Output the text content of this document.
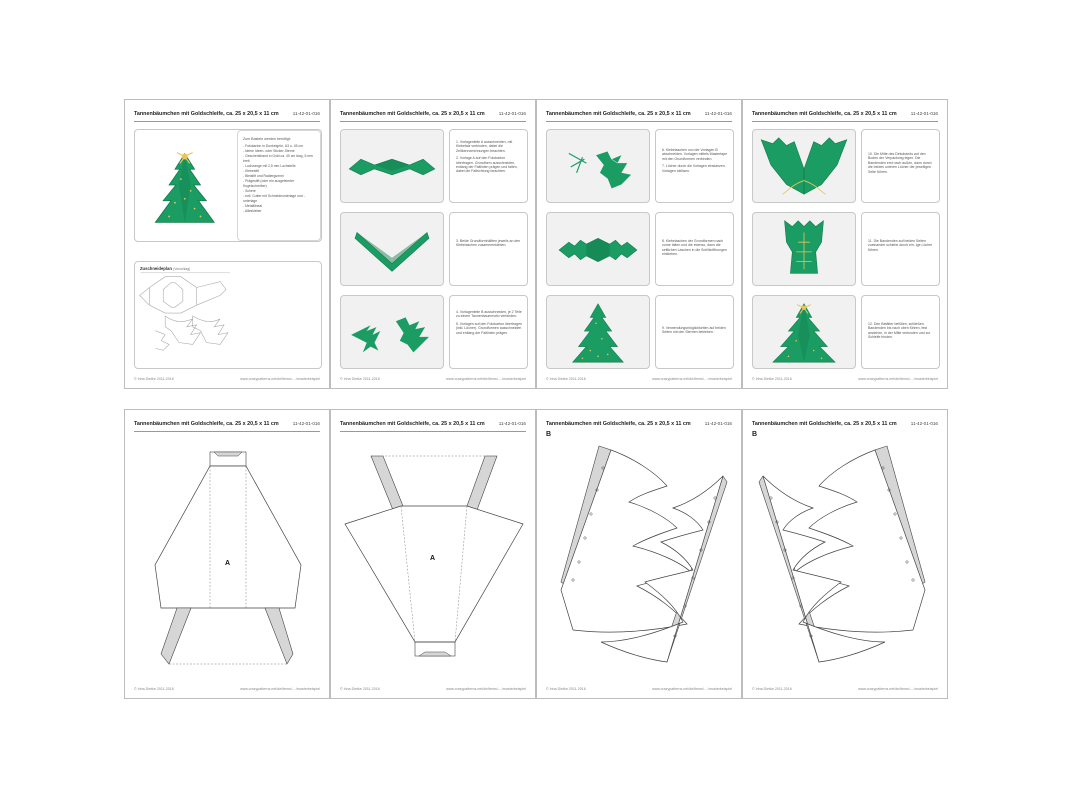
Tannenbäumchen mit Goldschleife, ca. 25 x 20,5 x 11 cm	11-42-01-016
Zum Basteln werden benötigt:
- Fotokarton in Dunkelgrün, A3 o. 45 cm
- kleine Ideen- oder Sticker-Sterne
- Geschenkband in Gold ca. 40 cm lang, 5 mm breit
- Lochzange mit 2,5 mm Lochstelle
- Klebestift
- Bleistift und Radiergummi
- Prägestift (oder ein ausgeleierter Kugelschreiber)
- Schere
- evtl. Cutter mit Schneideunterlage und -unterlage
- Metalllineal
- Alleskleber
Zuschneideplan (Vorschlag)
© Irina Dietke 2011-2016	www.crazypatterns.net/de/items/..../musterbeispiel
Tannenbäumchen mit Goldschleife, ca. 25 x 20,5 x 11 cm	11-42-01-016

1. Vorlagenteile A ausschneiden, mit Klebefalz verbinden, dabei die Zeitkennzeichnungen beachten.

2. Vorlage A auf den Fotokarton übertragen. Grundform ausschneiden, entlang der Faltlinien prägen und falten, dabei die Faltrichtung beachten.

3. Beide Grundformhälften jeweils an den Klebelaschen zusammenkleben.

4. Vorlagenteile B ausschneiden, je 2 Teile zu einem Tannenbaummotiv verbinden.

5. Vorlagen auf den Fotokarton übertragen (inkl. Löcher). Grundformen ausschneiden und entlang der Faltlinien prägen.

© Irina Dietke 2011-2016	www.crazypatterns.net/de/items/..../musterbeispiel
Tannenbäumchen mit Goldschleife, ca. 25 x 20,5 x 11 cm	11-42-01-016

6. Klebelaschen von der Vorlagen B abschneiden. Vorlagen mittels Mastertape mit den Grundformen verbinden.

7. Löcher durch die Vorlagen einstanzen. Vorlagen ablösen.

8. Klebelaschen der Grundformen nach vorne falten und die ebenso, dann die seitlichen Laschen in die Schlitzöffnungen einkleben.

9. Verwendungsmöglichkeiten auf beiden Seiten mit den Sternen bekleben.

© Irina Dietke 2011-2016	www.crazypatterns.net/de/items/..../musterbeispiel
Tannenbäumchen mit Goldschleife, ca. 25 x 20,5 x 11 cm	11-42-01-016

10. Die Mitte des Dekobands auf den Boden der Verpackung legen. Die Bandenden erst nach außen, dann durch die beiden unteren Löcher der jeweiligen Seite führen.

11. Die Bandenden auf beiden Seiten zueinander schiebe durch ein- ige Löcher führen.

12. Den Betätter befüllen, schließen. Bandenden bis nach oben führen, fest anziehen, in der Mitte verknoten und zur Schleife binden.

© Irina Dietke 2011-2016	www.crazypatterns.net/de/items/..../musterbeispiel
Tannenbäumchen mit Goldschleife, ca. 25 x 20,5 x 11 cm	11-42-01-016
A
© Irina Dietke 2011-2016	www.crazypatterns.net/de/items/..../musterbeispiel
Tannenbäumchen mit Goldschleife, ca. 25 x 20,5 x 11 cm	11-42-01-016
A
© Irina Dietke 2011-2016	www.crazypatterns.net/de/items/..../musterbeispiel
Tannenbäumchen mit Goldschleife, ca. 25 x 20,5 x 11 cm	11-42-01-016
B
© Irina Dietke 2011-2016	www.crazypatterns.net/de/items/..../musterbeispiel
Tannenbäumchen mit Goldschleife, ca. 25 x 20,5 x 11 cm	11-42-01-016
B
© Irina Dietke 2011-2016	www.crazypatterns.net/de/items/..../musterbeispiel
